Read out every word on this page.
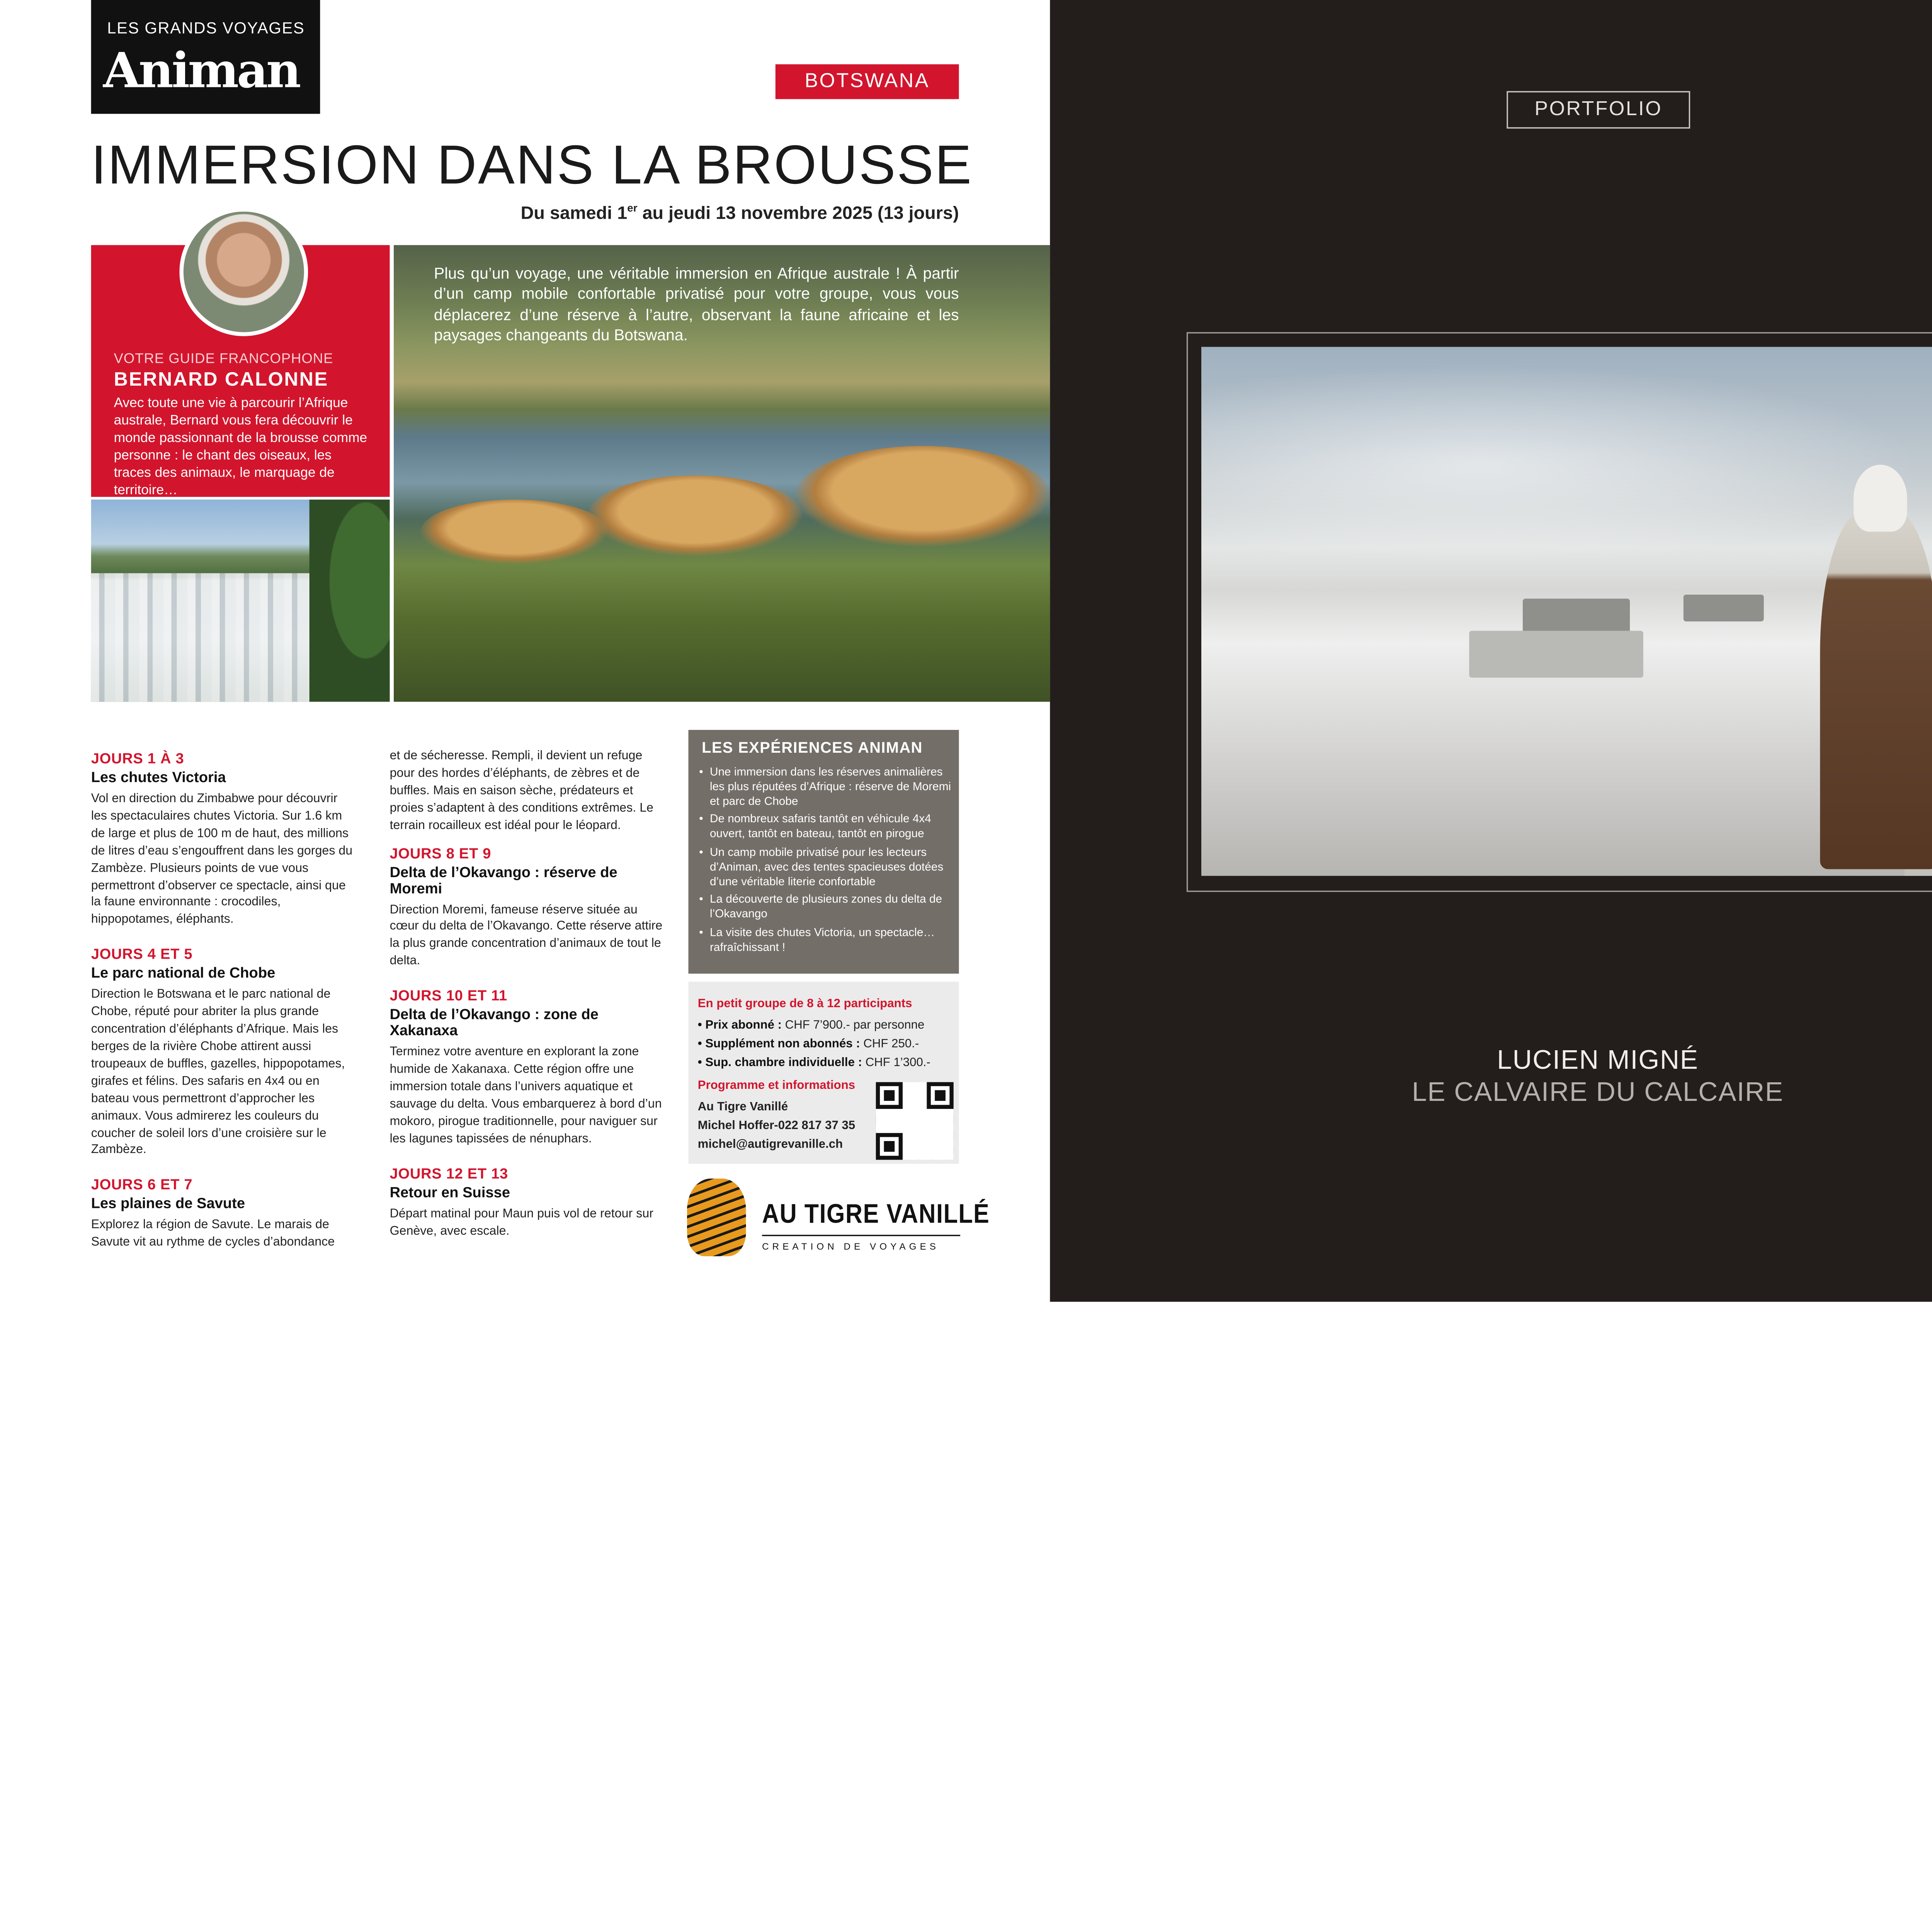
LES GRANDS VOYAGES
Animan	BOTSWANA
IMMERSION DANS LA BROUSSE
Du samedi 1er au jeudi 13 novembre 2025 (13 jours)
VOTRE GUIDE FRANCOPHONE
BERNARD CALONNE
Avec toute une vie à parcourir l’Afrique australe, Bernard vous fera découvrir le monde passionnant de la brousse comme personne : le chant des oiseaux, les traces des animaux, le marquage de territoire…
Plus qu’un voyage, une véritable immersion en Afrique australe ! À partir d’un camp mobile confortable privatisé pour votre groupe, vous vous déplacerez d’une réserve à l’autre, observant la faune africaine et les paysages changeants du Botswana.
JOURS 1 À 3
Les chutes Victoria
Vol en direction du Zimbabwe pour découvrir les spectaculaires chutes Victoria. Sur 1.6 km de large et plus de 100 m de haut, des millions de litres d’eau s’engouffrent dans les gorges du Zambèze. Plusieurs points de vue vous permettront d’observer ce spectacle, ainsi que la faune environnante : crocodiles, hippopotames, éléphants.
JOURS 4 ET 5
Le parc national de Chobe
Direction le Botswana et le parc national de Chobe, réputé pour abriter la plus grande concentration d’éléphants d’Afrique. Mais les berges de la rivière Chobe attirent aussi troupeaux de buffles, gazelles, hippopotames, girafes et félins. Des safaris en 4x4 ou en bateau vous permettront d’approcher les animaux. Vous admirerez les couleurs du coucher de soleil lors d’une croisière sur le Zambèze.
JOURS 6 ET 7
Les plaines de Savute
Explorez la région de Savute. Le marais de Savute vit au rythme de cycles d’abondance
et de sécheresse. Rempli, il devient un refuge pour des hordes d’éléphants, de zèbres et de buffles. Mais en saison sèche, prédateurs et proies s’adaptent à des conditions extrêmes. Le terrain rocailleux est idéal pour le léopard.
JOURS 8 ET 9
Delta de l’Okavango : réserve de Moremi
Direction Moremi, fameuse réserve située au cœur du delta de l’Okavango. Cette réserve attire la plus grande concentration d’animaux de tout le delta.
JOURS 10 ET 11
Delta de l’Okavango : zone de Xakanaxa
Terminez votre aventure en explorant la zone humide de Xakanaxa. Cette région offre une immersion totale dans l’univers aquatique et sauvage du delta. Vous embarquerez à bord d’un mokoro, pirogue traditionnelle, pour naviguer sur les lagunes tapissées de nénuphars.
JOURS 12 ET 13
Retour en Suisse
Départ matinal pour Maun puis vol de retour sur Genève, avec escale.
LES EXPÉRIENCES ANIMAN
• Une immersion dans les réserves animalières les plus réputées d’Afrique : réserve de Moremi et parc de Chobe
• De nombreux safaris tantôt en véhicule 4x4 ouvert, tantôt en bateau, tantôt en pirogue
• Un camp mobile privatisé pour les lecteurs d’Animan, avec des tentes spacieuses dotées d’une véritable literie confortable
• La découverte de plusieurs zones du delta de l’Okavango
• La visite des chutes Victoria, un spectacle… rafraîchissant !
En petit groupe de 8 à 12 participants
• Prix abonné : CHF 7’900.- par personne
• Supplément non abonnés : CHF 250.-
• Sup. chambre individuelle : CHF 1’300.-
Programme et informations
Au Tigre Vanillé
Michel Hoffer-022 817 37 35
michel@autigrevanille.ch
AU TIGRE VANILLÉ
CREATION DE VOYAGES
PORTFOLIO
LUCIEN MIGNÉ
LE CALVAIRE DU CALCAIRE
